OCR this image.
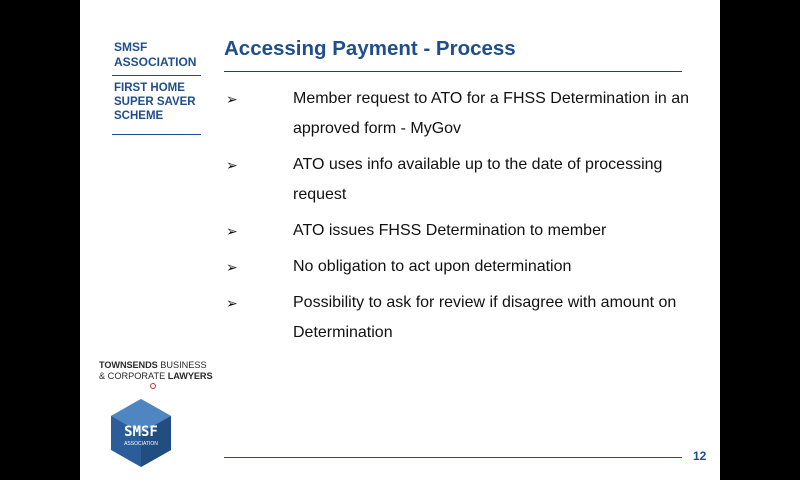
SMSF
ASSOCIATION
FIRST HOME
SUPER SAVER
SCHEME
Accessing Payment - Process
➢	Member request to ATO for a FHSS Determination in an approved form - MyGov
➢	ATO uses info available up to the date of processing request
➢	ATO issues FHSS Determination to member
➢	No obligation to act upon determination
➢	Possibility to ask for review if disagree with amount on Determination
TOWNSENDS BUSINESS
& CORPORATE LAWYERS
SMSF
ASSOCIATION
12
